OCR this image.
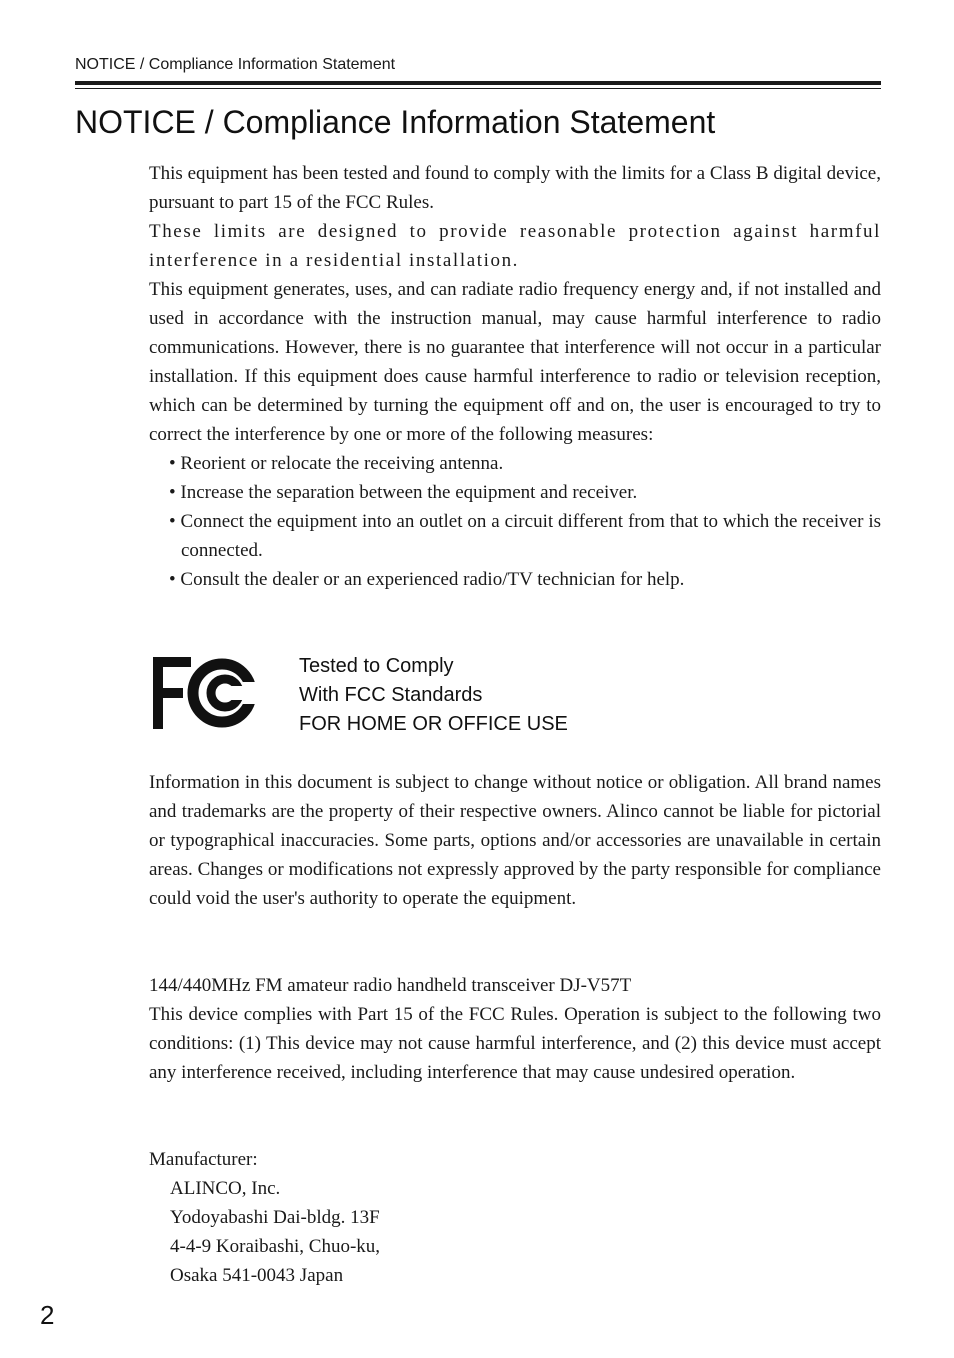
NOTICE / Compliance Information Statement
NOTICE / Compliance Information Statement

This equipment has been tested and found to comply with the limits for a Class B digital device, pursuant to part 15 of the FCC Rules.

These limits are designed to provide reasonable protection against harmful interference in a residential installation.

This equipment generates, uses, and can radiate radio frequency energy and, if not installed and used in accordance with the instruction manual, may cause harmful interference to radio communications. However, there is no guarantee that interference will not occur in a particular installation. If this equipment does cause harmful interference to radio or television reception, which can be determined by turning the equipment off and on, the user is encouraged to try to correct the interference by one or more of the following measures:

• Reorient or relocate the receiving antenna.
• Increase the separation between the equipment and receiver.
• Connect the equipment into an outlet on a circuit different from that to which the receiver is connected.
• Consult the dealer or an experienced radio/TV technician for help.
Tested to Comply
With FCC Standards
FOR HOME OR OFFICE USE

Information in this document is subject to change without notice or obligation. All brand names and trademarks are the property of their respective owners. Alinco cannot be liable for pictorial or typographical inaccuracies. Some parts, options and/or accessories are unavailable in certain areas. Changes or modifications not expressly approved by the party responsible for compliance could void the user's authority to operate the equipment.

144/440MHz FM amateur radio handheld transceiver DJ-V57T

This device complies with Part 15 of the FCC Rules. Operation is subject to the following two conditions: (1) This device may not cause harmful interference, and (2) this device must accept any interference received, including interference that may cause undesired operation.

Manufacturer:

ALINCO, Inc.
Yodoyabashi Dai-bldg. 13F
4-4-9 Koraibashi, Chuo-ku,
Osaka 541-0043 Japan
2
